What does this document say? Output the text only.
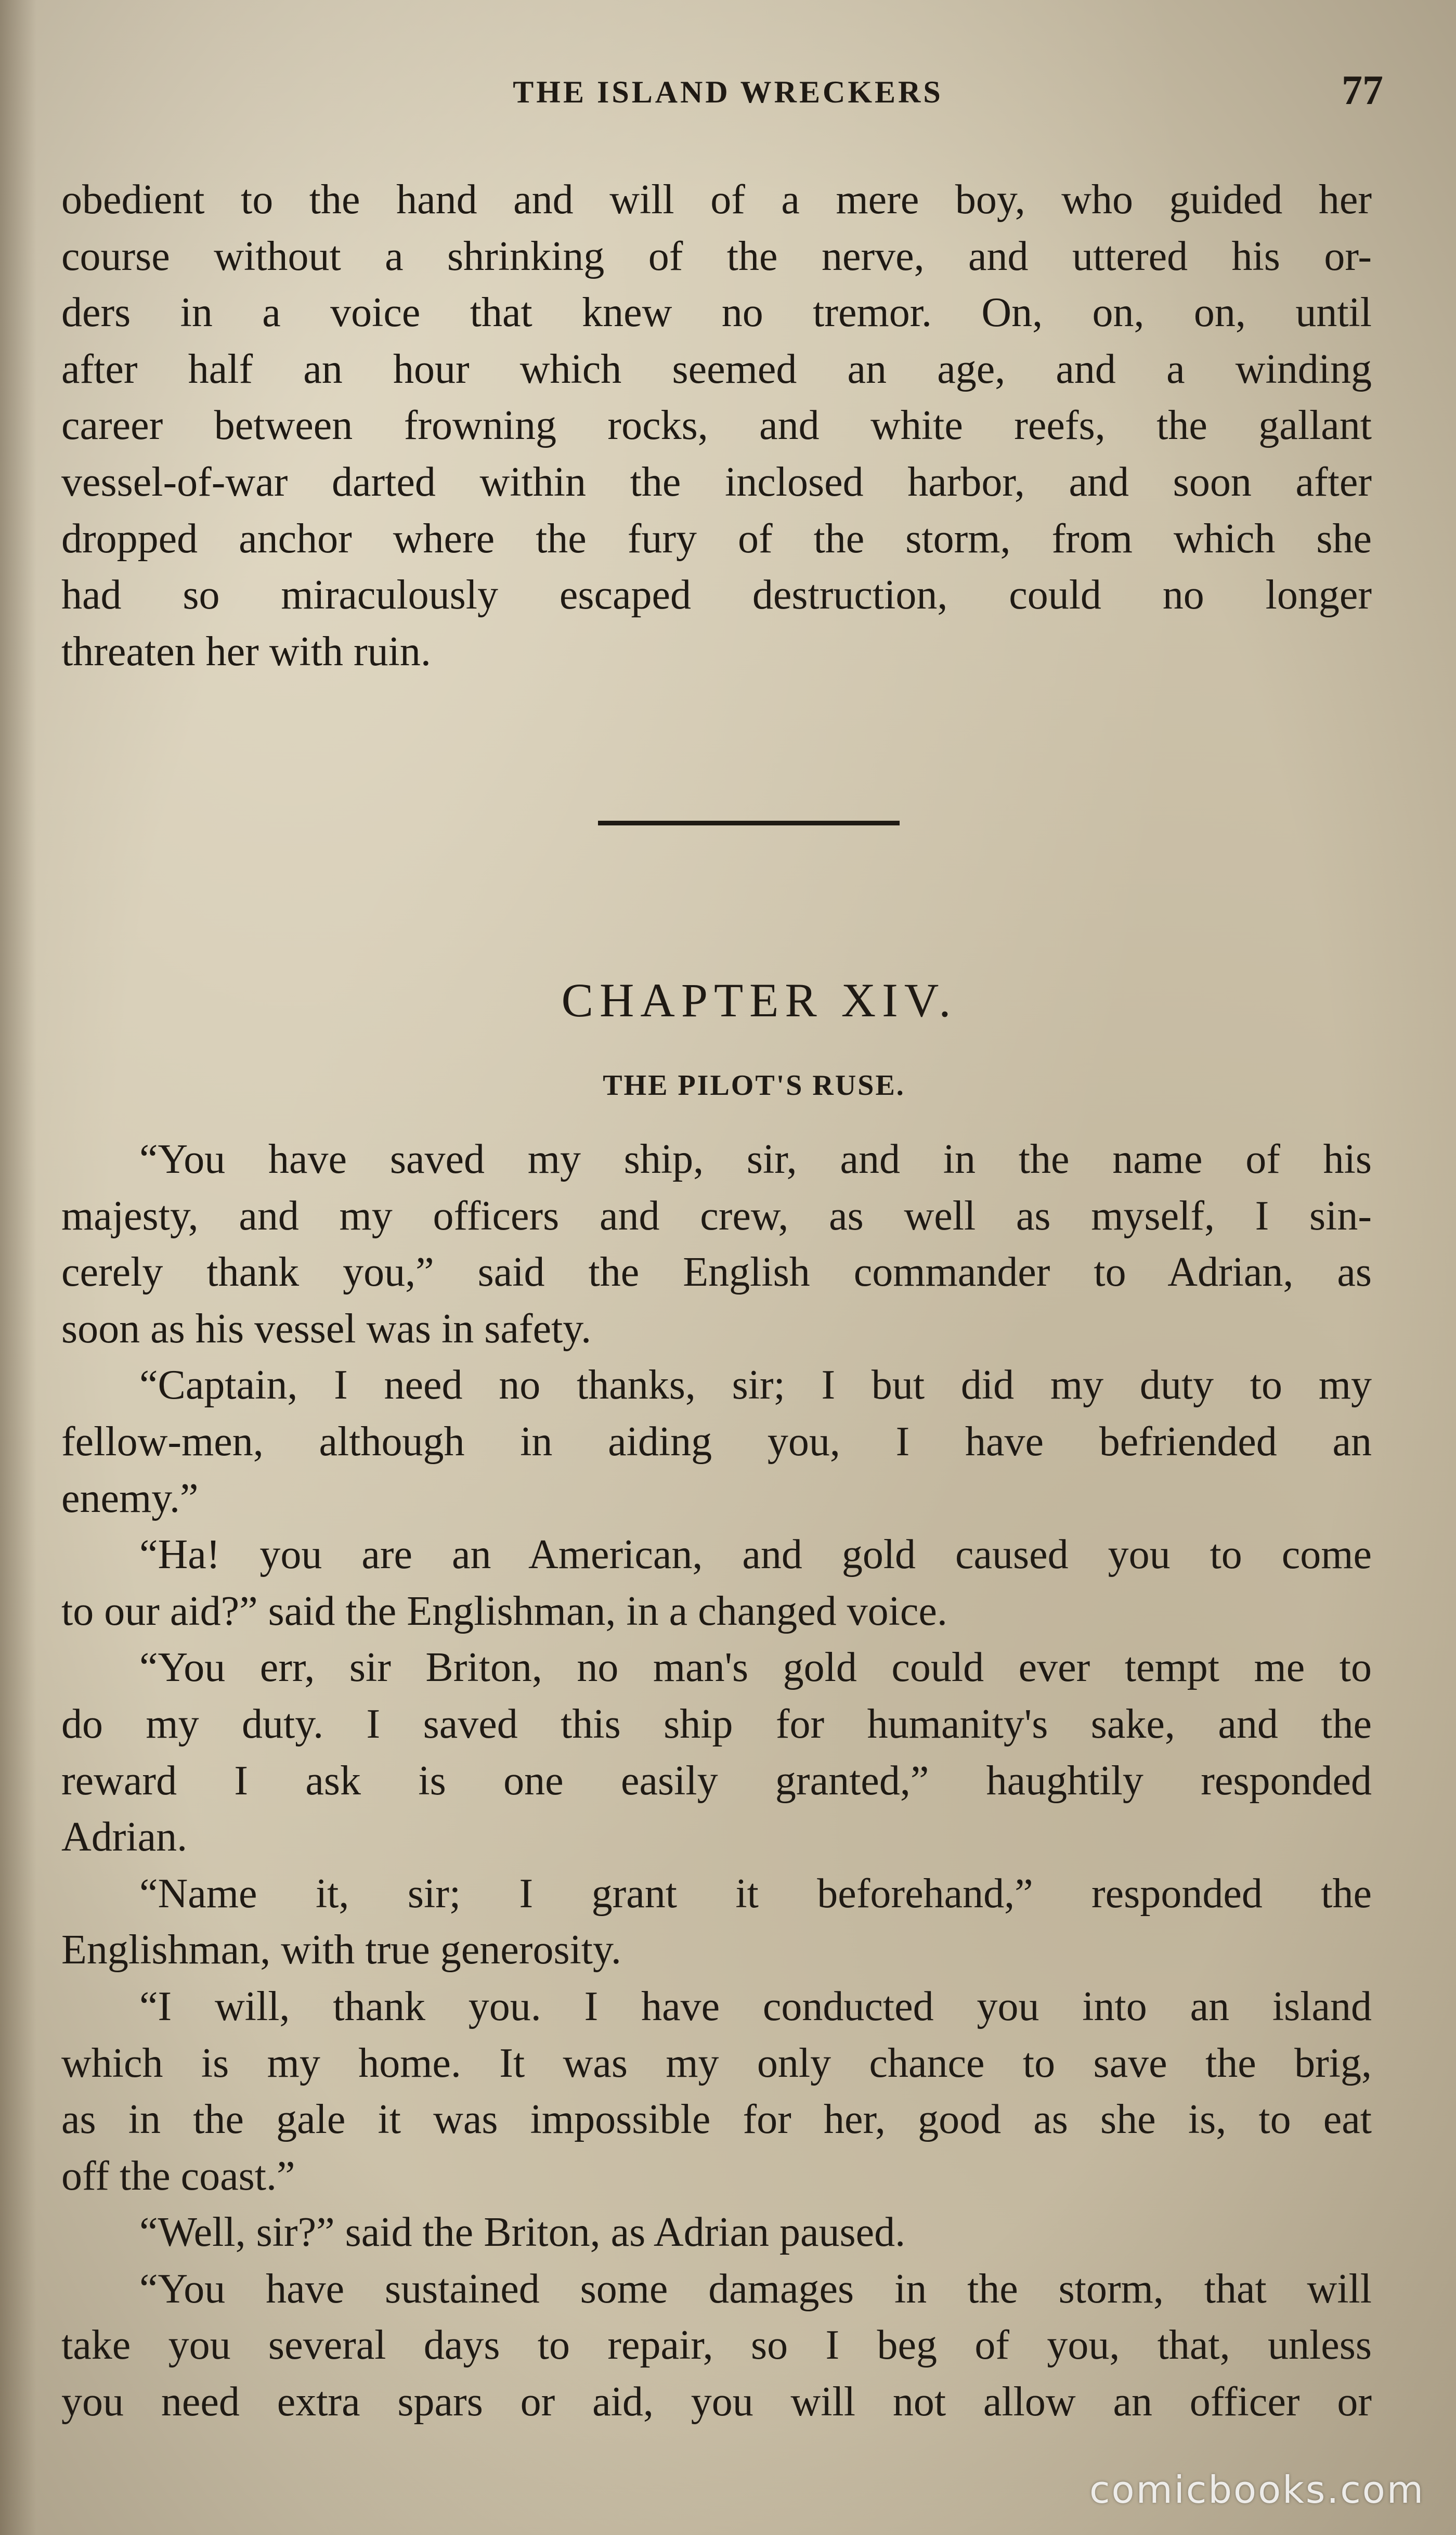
THE ISLAND WRECKERS	77

obedient to the hand and will of a mere boy, who guided her

course without a shrinking of the nerve, and uttered his or-

ders in a voice that knew no tremor. On, on, on, until

after half an hour which seemed an age, and a winding

career between frowning rocks, and white reefs, the gallant

vessel-of-war darted within the inclosed harbor, and soon after

dropped anchor where the fury of the storm, from which she

had so miraculously escaped destruction, could no longer

threaten her with ruin.

CHAPTER XIV.
THE PILOT'S RUSE.

“You have saved my ship, sir, and in the name of his

majesty, and my officers and crew, as well as myself, I sin-

cerely thank you,” said the English commander to Adrian, as

soon as his vessel was in safety.

“Captain, I need no thanks, sir; I but did my duty to my

fellow-men, although in aiding you, I have befriended an

enemy.”

“Ha! you are an American, and gold caused you to come

to our aid?” said the Englishman, in a changed voice.

“You err, sir Briton, no man's gold could ever tempt me to

do my duty. I saved this ship for humanity's sake, and the

reward I ask is one easily granted,” haughtily responded

Adrian.

“Name it, sir; I grant it beforehand,” responded the

Englishman, with true generosity.

“I will, thank you. I have conducted you into an island

which is my home. It was my only chance to save the brig,

as in the gale it was impossible for her, good as she is, to eat

off the coast.”

“Well, sir?” said the Briton, as Adrian paused.

“You have sustained some damages in the storm, that will

take you several days to repair, so I beg of you, that, unless

you need extra spars or aid, you will not allow an officer or

comicbooks.com
